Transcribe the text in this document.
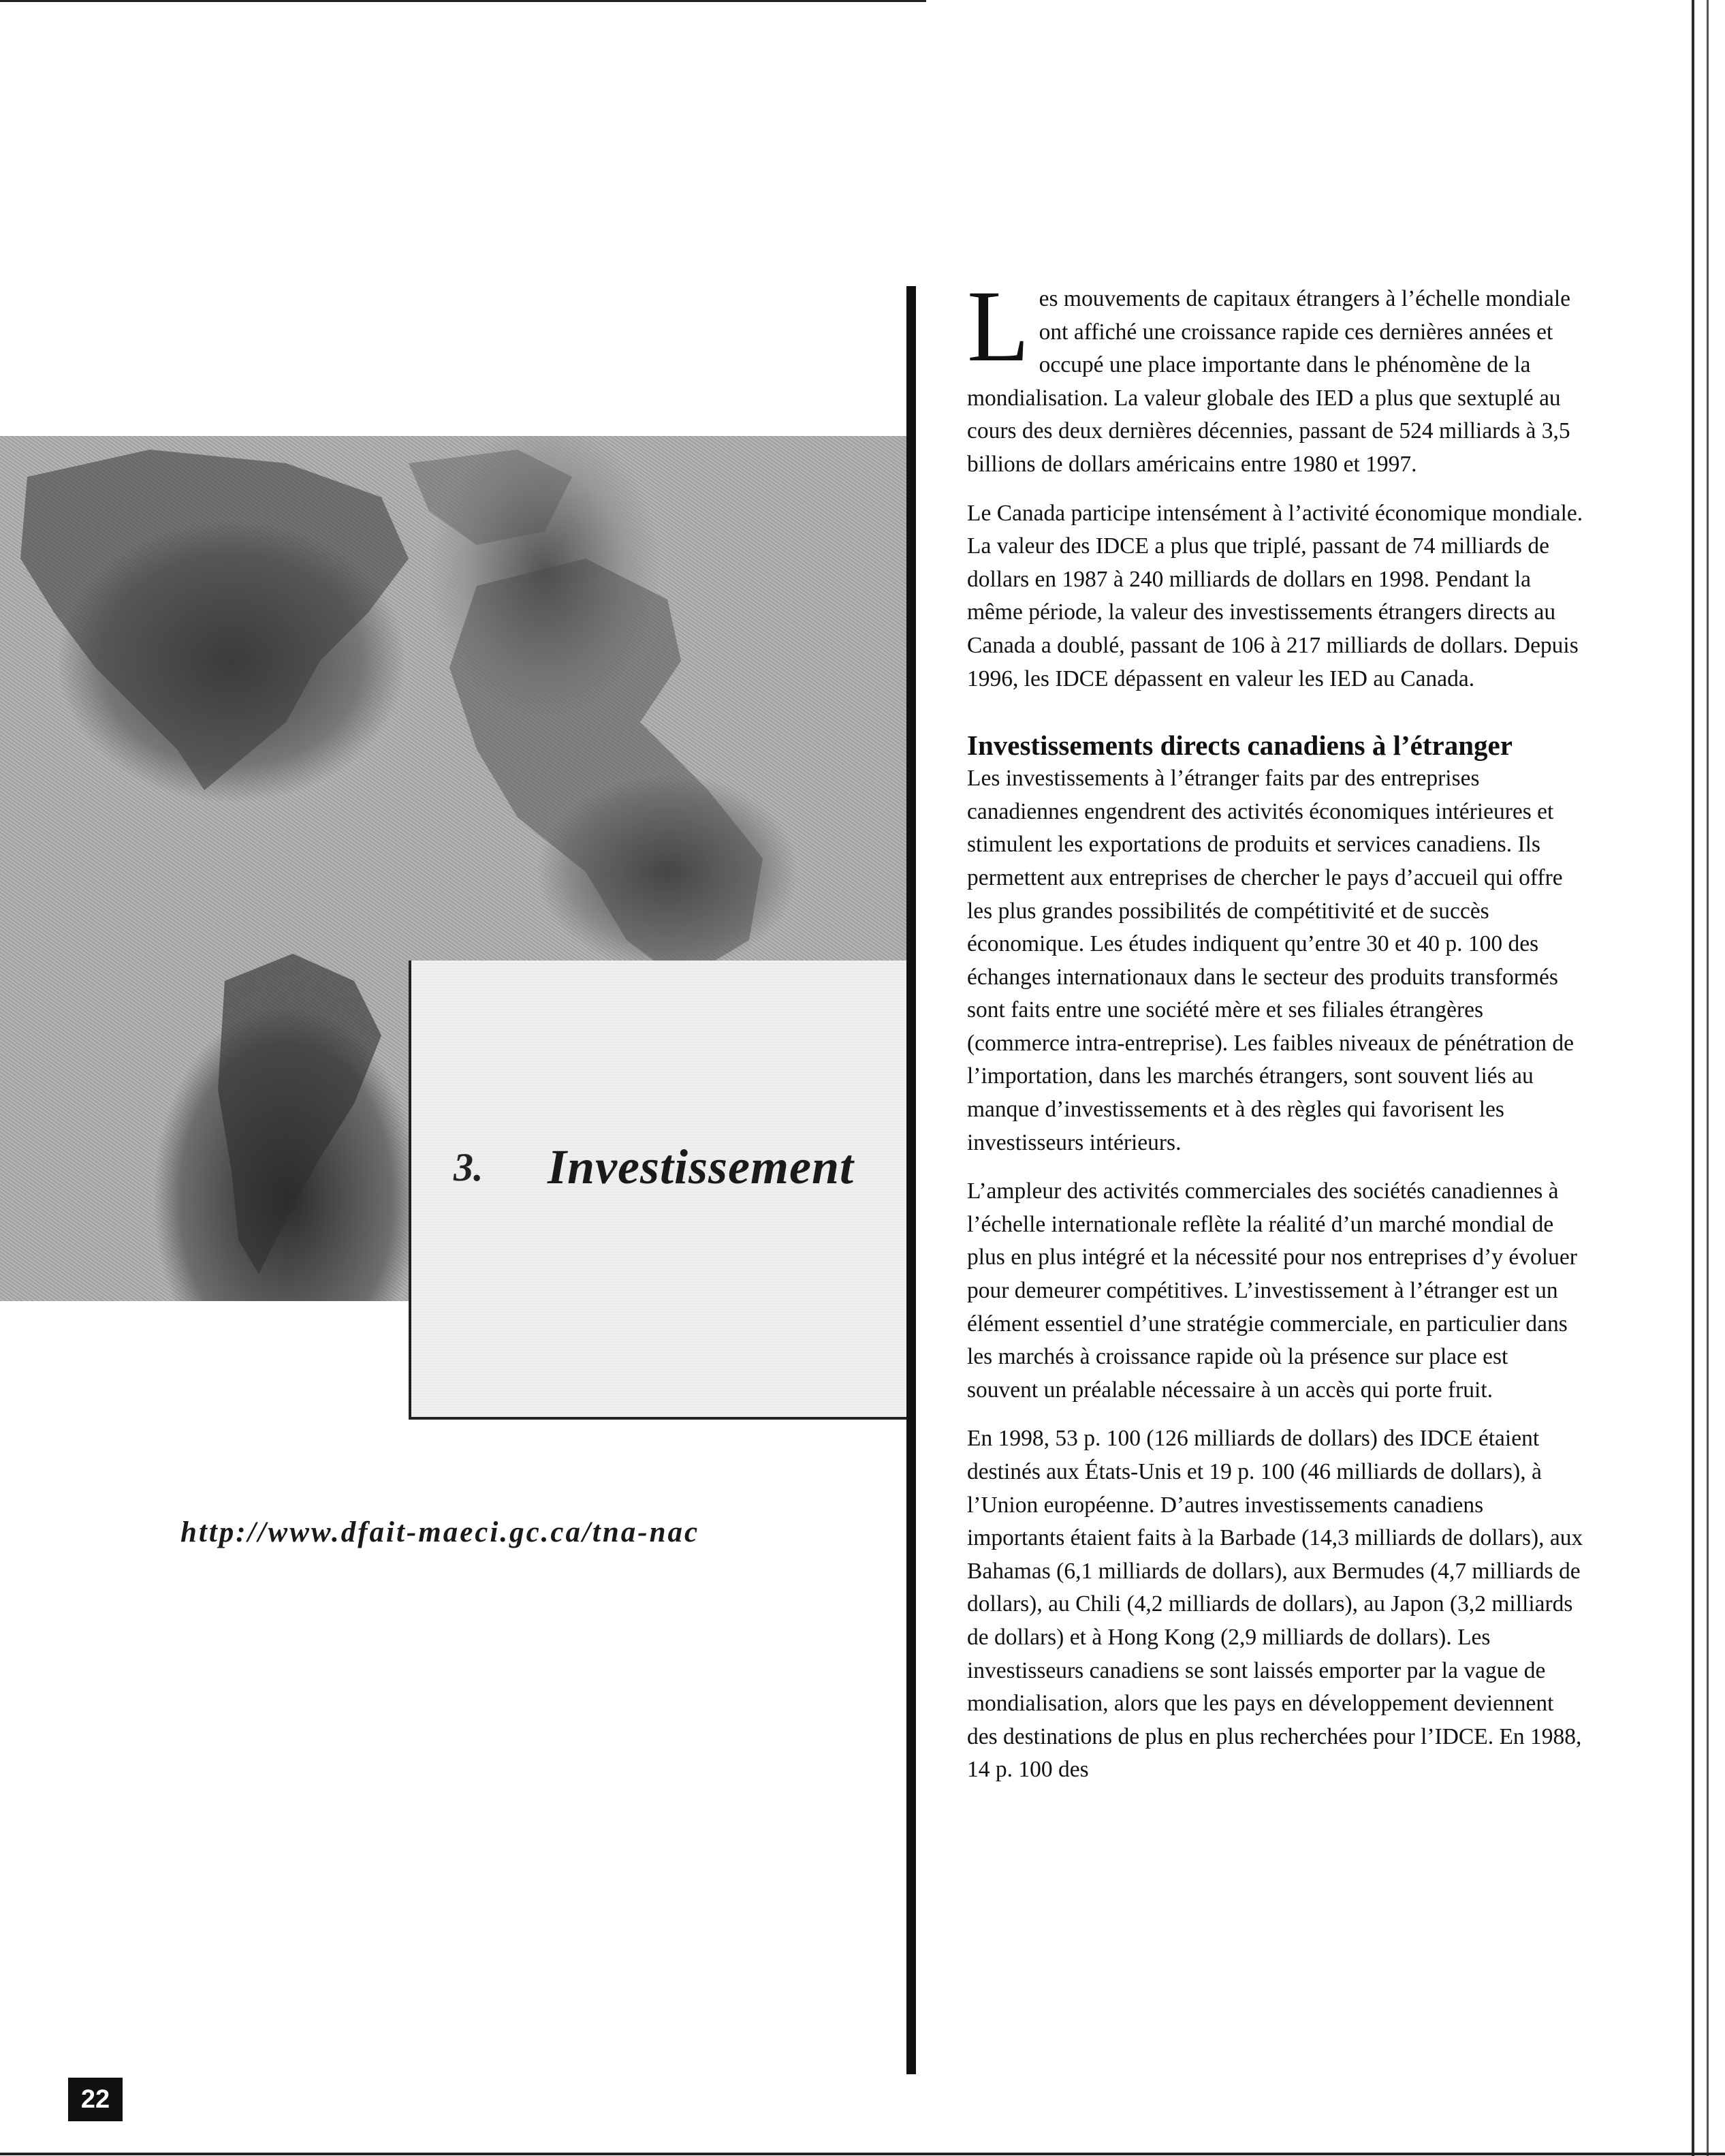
3. Investissement
http://www.dfait-maeci.gc.ca/tna-nac

Les mouvements de capitaux étrangers à l’échelle mondiale ont affiché une croissance rapide ces dernières années et occupé une place importante dans le phénomène de la mondialisation. La valeur globale des IED a plus que sextuplé au cours des deux dernières décennies, passant de 524 milliards à 3,5 billions de dollars américains entre 1980 et 1997.

Le Canada participe intensément à l’activité économique mondiale. La valeur des IDCE a plus que triplé, passant de 74 milliards de dollars en 1987 à 240 milliards de dollars en 1998. Pendant la même période, la valeur des investissements étrangers directs au Canada a doublé, passant de 106 à 217 milliards de dollars. Depuis 1996, les IDCE dépassent en valeur les IED au Canada.

Investissements directs canadiens à l’étranger

Les investissements à l’étranger faits par des entreprises canadiennes engendrent des activités économiques intérieures et stimulent les exportations de produits et services canadiens. Ils permettent aux entreprises de chercher le pays d’accueil qui offre les plus grandes possibilités de compétitivité et de succès économique. Les études indiquent qu’entre 30 et 40 p. 100 des échanges internationaux dans le secteur des produits transformés sont faits entre une société mère et ses filiales étrangères (commerce intra-entreprise). Les faibles niveaux de pénétration de l’importation, dans les marchés étrangers, sont souvent liés au manque d’investissements et à des règles qui favorisent les investisseurs intérieurs.

L’ampleur des activités commerciales des sociétés canadiennes à l’échelle internationale reflète la réalité d’un marché mondial de plus en plus intégré et la nécessité pour nos entreprises d’y évoluer pour demeurer compétitives. L’investissement à l’étranger est un élément essentiel d’une stratégie commerciale, en particulier dans les marchés à croissance rapide où la présence sur place est souvent un préalable nécessaire à un accès qui porte fruit.

En 1998, 53 p. 100 (126 milliards de dollars) des IDCE étaient destinés aux États-Unis et 19 p. 100 (46 milliards de dollars), à l’Union européenne. D’autres investissements canadiens importants étaient faits à la Barbade (14,3 milliards de dollars), aux Bahamas (6,1 milliards de dollars), aux Bermudes (4,7 milliards de dollars), au Chili (4,2 milliards de dollars), au Japon (3,2 milliards de dollars) et à Hong Kong (2,9 milliards de dollars). Les investisseurs canadiens se sont laissés emporter par la vague de mondialisation, alors que les pays en développement deviennent des destinations de plus en plus recherchées pour l’IDCE. En 1988, 14 p. 100 des

22
